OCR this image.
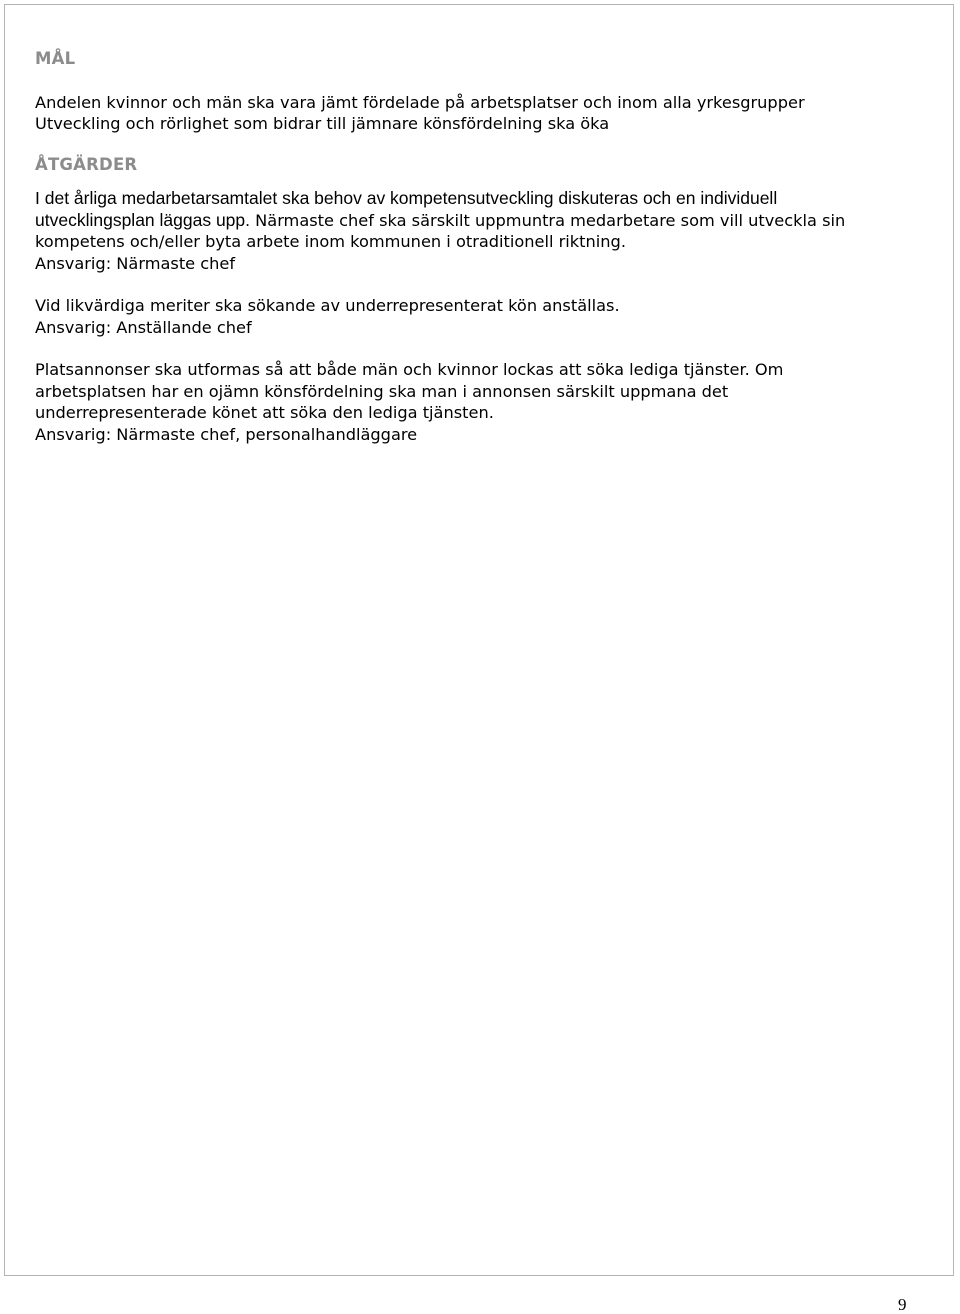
MÅL

Andelen kvinnor och män ska vara jämt fördelade på arbetsplatser och inom alla yrkesgrupper

Utveckling och rörlighet som bidrar till jämnare könsfördelning ska öka

ÅTGÄRDER

I det årliga medarbetarsamtalet ska behov av kompetensutveckling diskuteras och en individuell

utvecklingsplan läggas upp. Närmaste chef ska särskilt uppmuntra medarbetare som vill utveckla sin

kompetens och/eller byta arbete inom kommunen i otraditionell riktning.

Ansvarig: Närmaste chef

Vid likvärdiga meriter ska sökande av underrepresenterat kön anställas.

Ansvarig: Anställande chef

Platsannonser ska utformas så att både män och kvinnor lockas att söka lediga tjänster. Om

arbetsplatsen har en ojämn könsfördelning ska man i annonsen särskilt uppmana det

underrepresenterade könet att söka den lediga tjänsten.

Ansvarig: Närmaste chef, personalhandläggare

9
